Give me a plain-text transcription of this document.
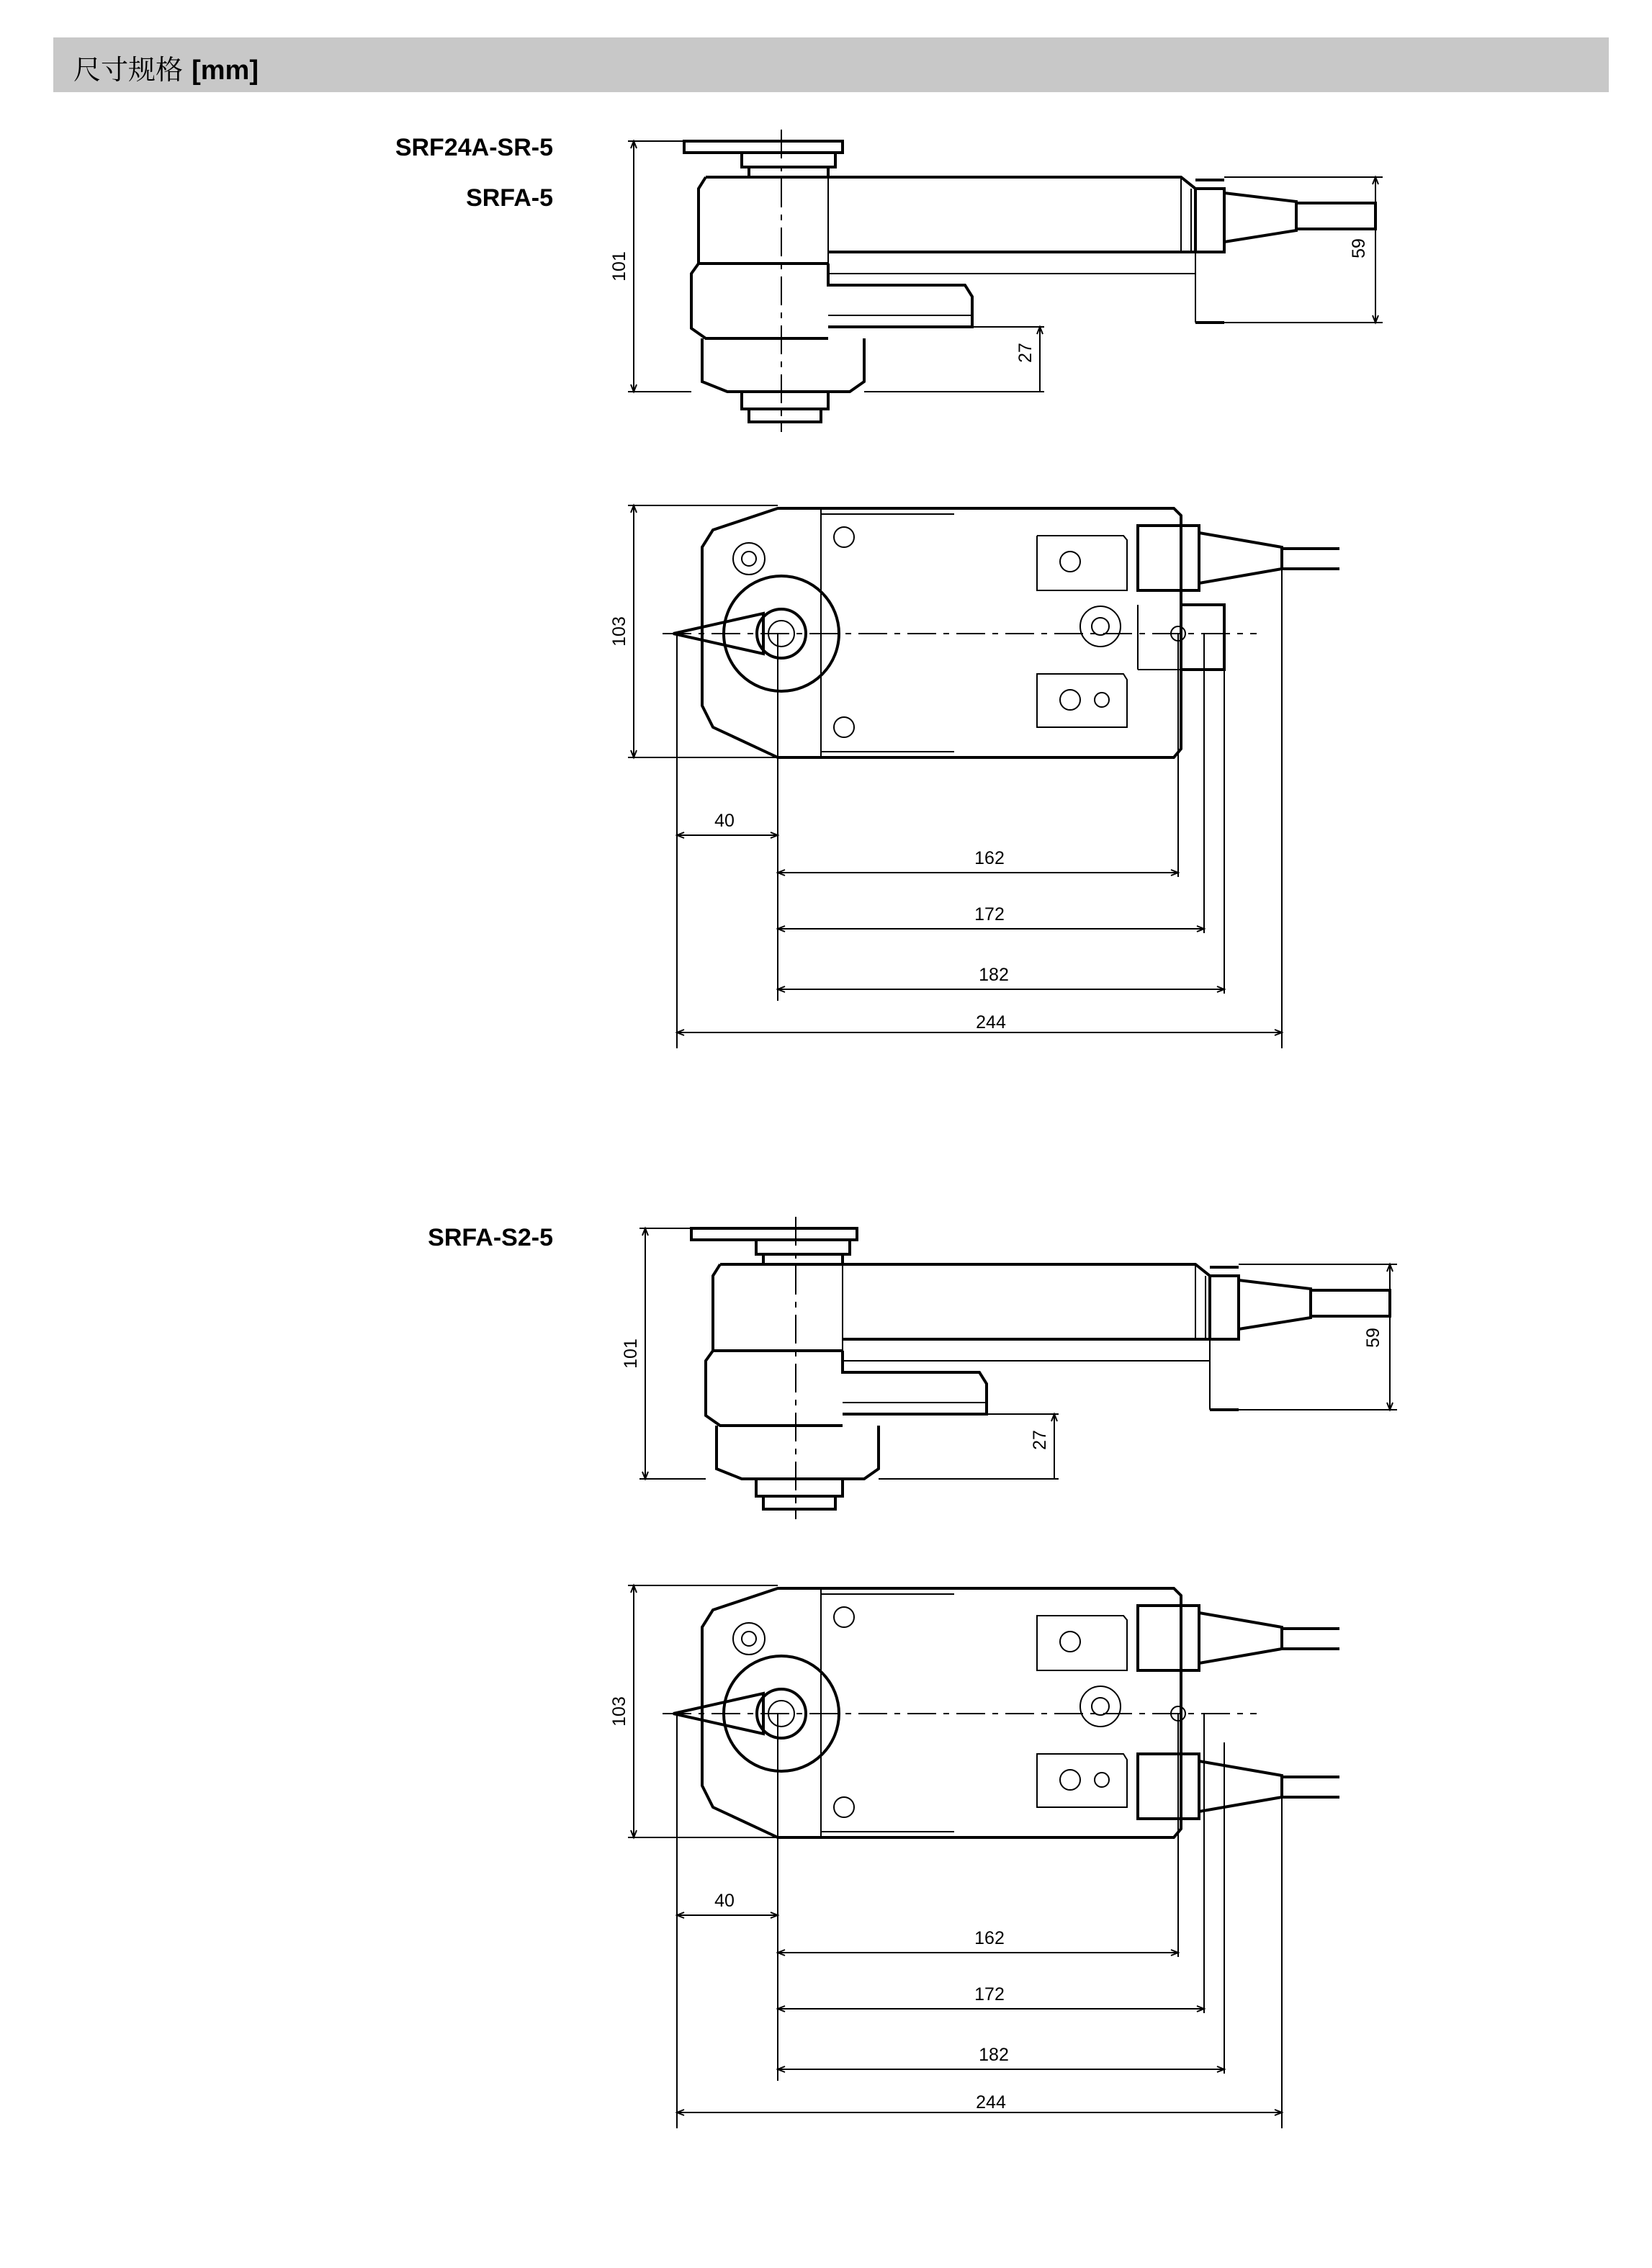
尺寸规格 [mm]
SRF24A-SR-5
SRFA-5
SRFA-S2-5
101
59
27
103
40
162
172
182
244
101
59
27
103
40
162
172
182
244
